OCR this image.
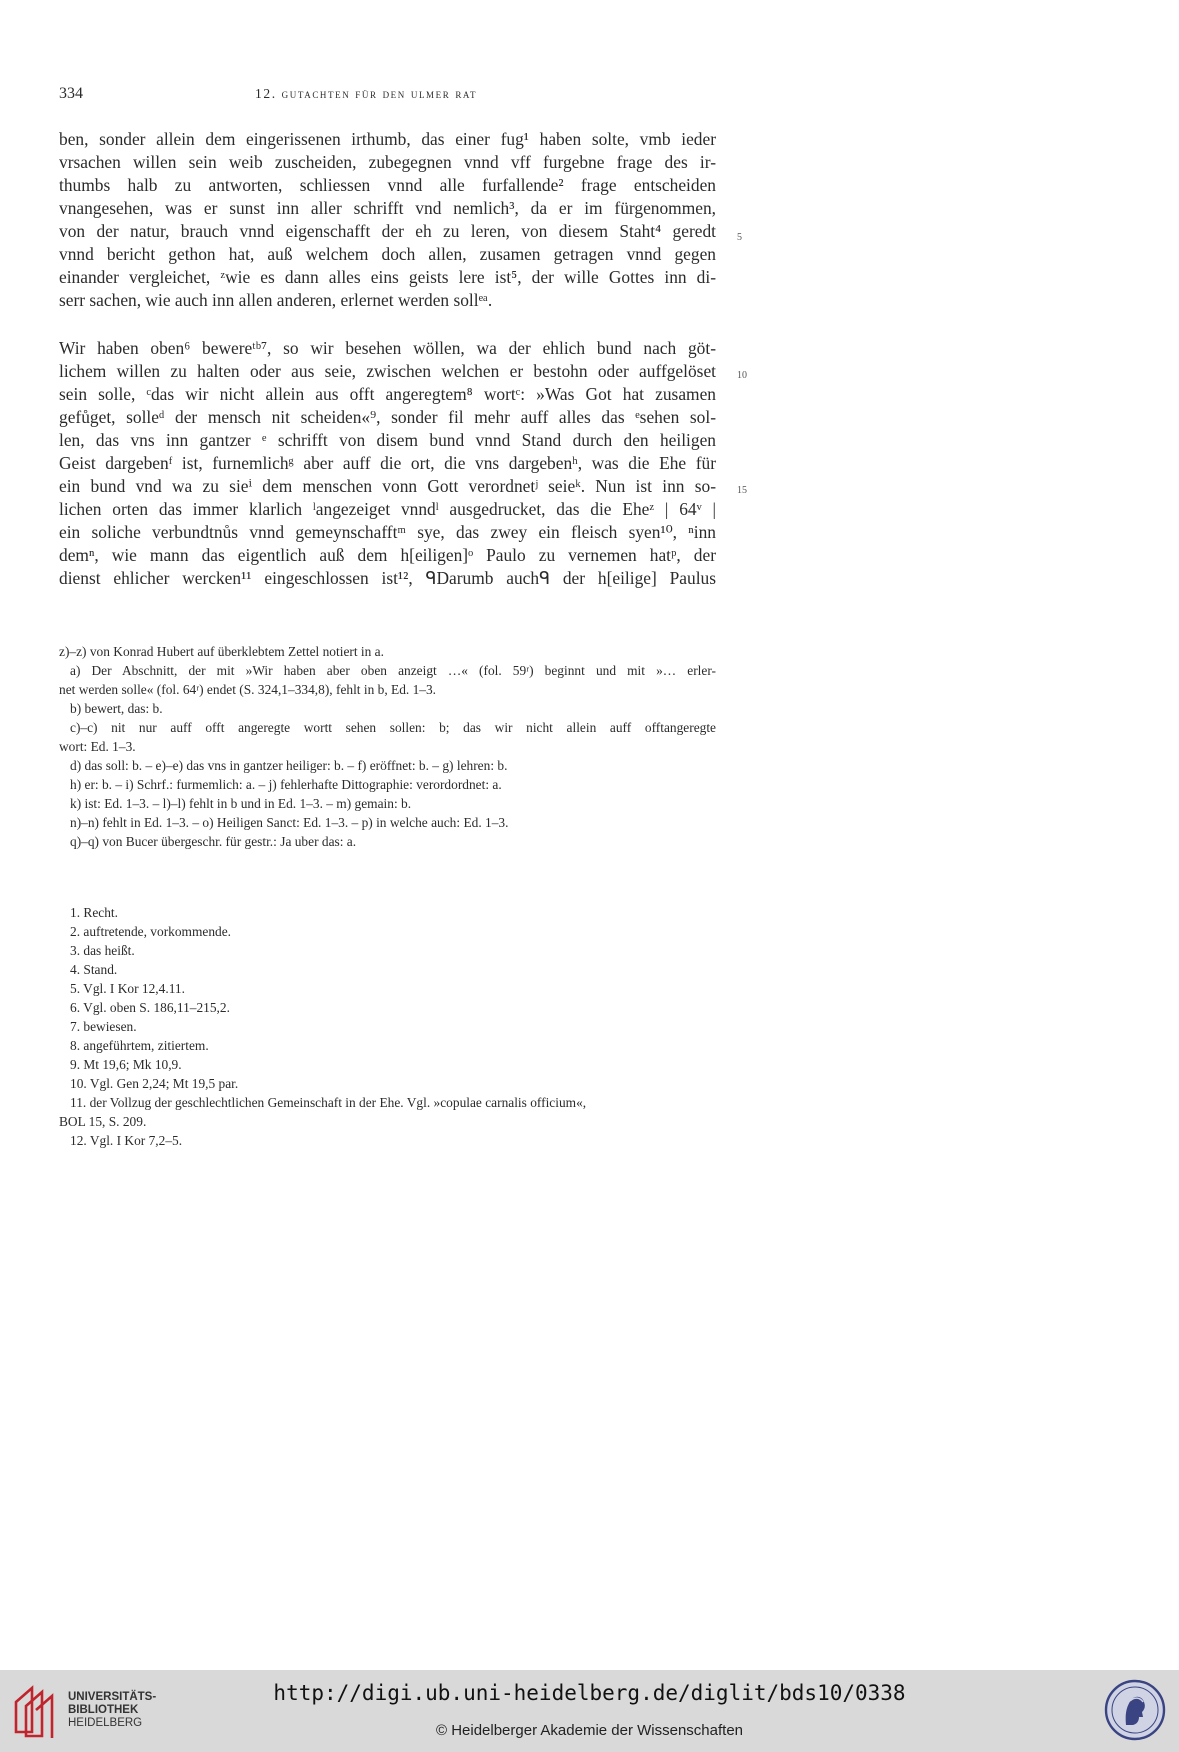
334	12. gutachten für den ulmer rat
ben, sonder allein dem eingerissenen irthumb, das einer fug¹ haben solte, vmb ieder
vrsachen willen sein weib zuscheiden, zubegegnen vnnd vff furgebne frage des ir-
thumbs halb zu antworten, schliessen vnnd alle furfallende² frage entscheiden
vnangesehen, was er sunst inn aller schrifft vnd nemlich³, da er im fürgenommen,
von der natur, brauch vnnd eigenschafft der eh zu leren, von diesem Staht⁴ geredt
vnnd bericht gethon hat, auß welchem doch allen, zusamen getragen vnnd gegen
einander vergleichet, ᶻwie es dann alles eins geists lere ist⁵, der wille Gottes inn di-
serr sachen, wie auch inn allen anderen, erlernet werden sollᵉᵃ.
Wir haben oben⁶ bewereᵗᵇ⁷, so wir besehen wöllen, wa der ehlich bund nach göt-
lichem willen zu halten oder aus seie, zwischen welchen er bestohn oder auffgelöset
sein solle, ᶜdas wir nicht allein aus offt angeregtem⁸ wortᶜ: »Was Got hat zusamen
gefůget, solleᵈ der mensch nit scheiden«⁹, sonder fil mehr auff alles das ᵉsehen sol-
len, das vns inn gantzer ᵉ schrifft von disem bund vnnd Stand durch den heiligen
Geist dargebenᶠ ist, furnemlichᵍ aber auff die ort, die vns dargebenʰ, was die Ehe für
ein bund vnd wa zu sieⁱ dem menschen vonn Gott verordnetʲ seieᵏ. Nun ist inn so-
lichen orten das immer klarlich ˡangezeiget vnndˡ ausgedrucket, das die Eheᶻ | 64ᵛ |
ein soliche verbundtnůs vnnd gemeynschafftᵐ sye, das zwey ein fleisch syen¹⁰, ⁿinn
demⁿ, wie mann das eigentlich auß dem h[eiligen]ᵒ Paulo zu vernemen hatᵖ, der
dienst ehlicher wercken¹¹ eingeschlossen ist¹², ᑫDarumb auchᑫ der h[eilige] Paulus
5
10
15
z)–z) von Konrad Hubert auf überklebtem Zettel notiert in a.
a) Der Abschnitt, der mit »Wir haben aber oben anzeigt …« (fol. 59ʳ) beginnt und mit »… erler-
net werden solle« (fol. 64ʳ) endet (S. 324,1–334,8), fehlt in b, Ed. 1–3.
b) bewert, das: b.
c)–c) nit nur auff offt angeregte wortt sehen sollen: b; das wir nicht allein auff offtangeregte
wort: Ed. 1–3.
d) das soll: b. – e)–e) das vns in gantzer heiliger: b. – f) eröffnet: b. – g) lehren: b.
h) er: b. – i) Schrf.: furmemlich: a. – j) fehlerhafte Dittographie: verordordnet: a.
k) ist: Ed. 1–3. – l)–l) fehlt in b und in Ed. 1–3. – m) gemain: b.
n)–n) fehlt in Ed. 1–3. – o) Heiligen Sanct: Ed. 1–3. – p) in welche auch: Ed. 1–3.
q)–q) von Bucer übergeschr. für gestr.: Ja uber das: a.
1. Recht.
2. auftretende, vorkommende.
3. das heißt.
4. Stand.
5. Vgl. I Kor 12,4.11.
6. Vgl. oben S. 186,11–215,2.
7. bewiesen.
8. angeführtem, zitiertem.
9. Mt 19,6; Mk 10,9.
10. Vgl. Gen 2,24; Mt 19,5 par.
11. der Vollzug der geschlechtlichen Gemeinschaft in der Ehe. Vgl. »copulae carnalis officium«,
BOL 15, S. 209.
12. Vgl. I Kor 7,2–5.
UNIVERSITÄTS-
BIBLIOTHEK
HEIDELBERG
http://digi.ub.uni-heidelberg.de/diglit/bds10/0338
© Heidelberger Akademie der Wissenschaften
